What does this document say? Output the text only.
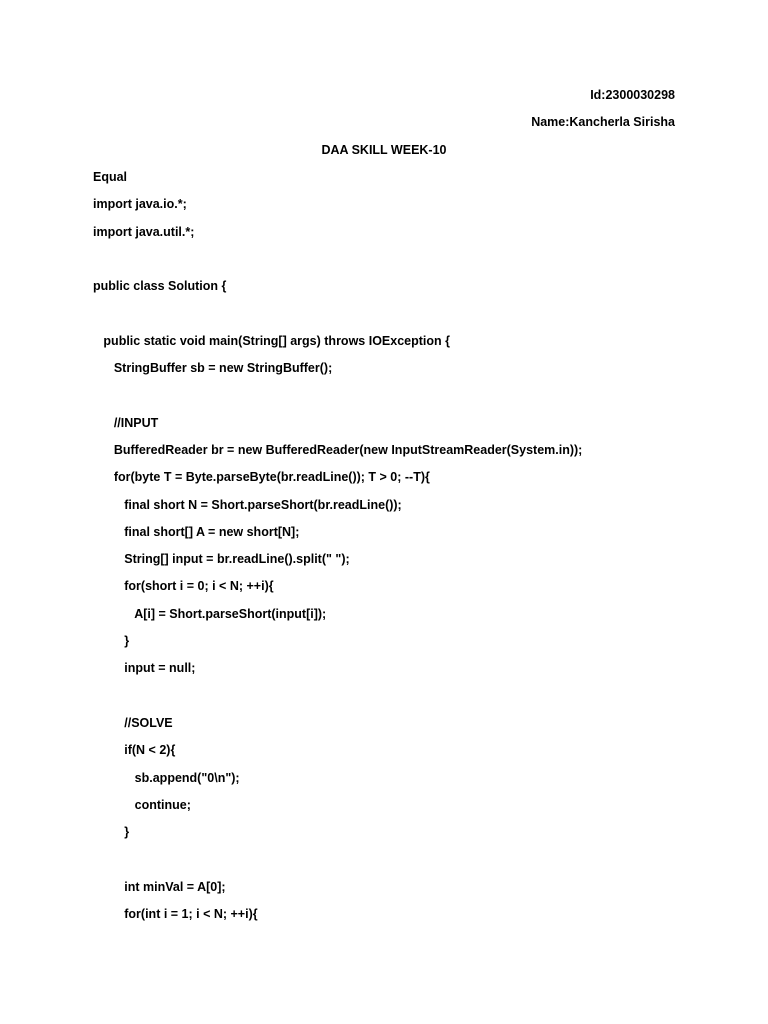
Id:2300030298
Name:Kancherla Sirisha
DAA SKILL WEEK-10
Equal
import java.io.*;
import java.util.*;
public class Solution {
public static void main(String[] args) throws IOException {
StringBuffer sb = new StringBuffer();
//INPUT
BufferedReader br = new BufferedReader(new InputStreamReader(System.in));
for(byte T = Byte.parseByte(br.readLine()); T > 0; --T){
final short N = Short.parseShort(br.readLine());
final short[] A = new short[N];
String[] input = br.readLine().split(" ");
for(short i = 0; i < N; ++i){
A[i] = Short.parseShort(input[i]);
}
input = null;
//SOLVE
if(N < 2){
sb.append("0\n");
continue;
}
int minVal = A[0];
for(int i = 1; i < N; ++i){
